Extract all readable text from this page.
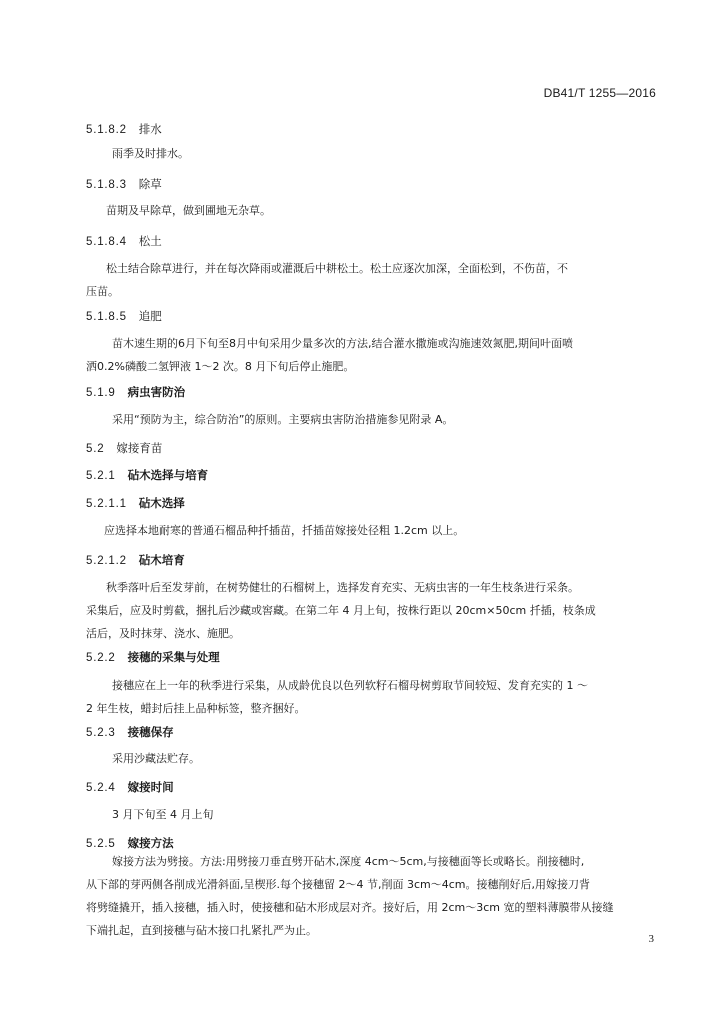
DB41/T 1255—2016
5.1.8.2 排水
雨季及时排水。
5.1.8.3 除草
苗期及早除草，做到圃地无杂草。
5.1.8.4 松土
松土结合除草进行，并在每次降雨或灌溉后中耕松土。松土应逐次加深，全面松到，不伤苗，不
压苗。
5.1.8.5 追肥
苗木速生期的6月下旬至8月中旬采用少量多次的方法,结合灌水撒施或沟施速效氮肥,期间叶面喷
洒0.2%磷酸二氢钾液 1～2 次。8 月下旬后停止施肥。
5.1.9 病虫害防治
采用“预防为主，综合防治”的原则。主要病虫害防治措施参见附录 A。
5.2 嫁接育苗
5.2.1 砧木选择与培育
5.2.1.1 砧木选择
应选择本地耐寒的普通石榴品种扦插苗，扦插苗嫁接处径粗 1.2cm 以上。
5.2.1.2 砧木培育
秋季落叶后至发芽前，在树势健壮的石榴树上，选择发育充实、无病虫害的一年生枝条进行采条。
采集后，应及时剪截，捆扎后沙藏或窖藏。在第二年 4 月上旬，按株行距以 20cm×50cm 扦插，枝条成
活后，及时抹芽、浇水、施肥。
5.2.2 接穗的采集与处理
接穗应在上一年的秋季进行采集，从成龄优良以色列软籽石榴母树剪取节间较短、发育充实的 1 ～
2 年生枝，蜡封后挂上品种标签，整齐捆好。
5.2.3 接穗保存
采用沙藏法贮存。
5.2.4 嫁接时间
3 月下旬至 4 月上旬
5.2.5 嫁接方法
嫁接方法为劈接。方法:用劈接刀垂直劈开砧木,深度 4cm～5cm,与接穗面等长或略长。削接穗时,
从下部的芽两侧各削成光滑斜面,呈楔形.每个接穗留 2～4 节,削面 3cm～4cm。接穗削好后,用嫁接刀背
将劈缝撬开，插入接穗，插入时，使接穗和砧木形成层对齐。接好后，用 2cm～3cm 宽的塑料薄膜带从接缝
下端扎起，直到接穗与砧木接口扎紧扎严为止。
3
